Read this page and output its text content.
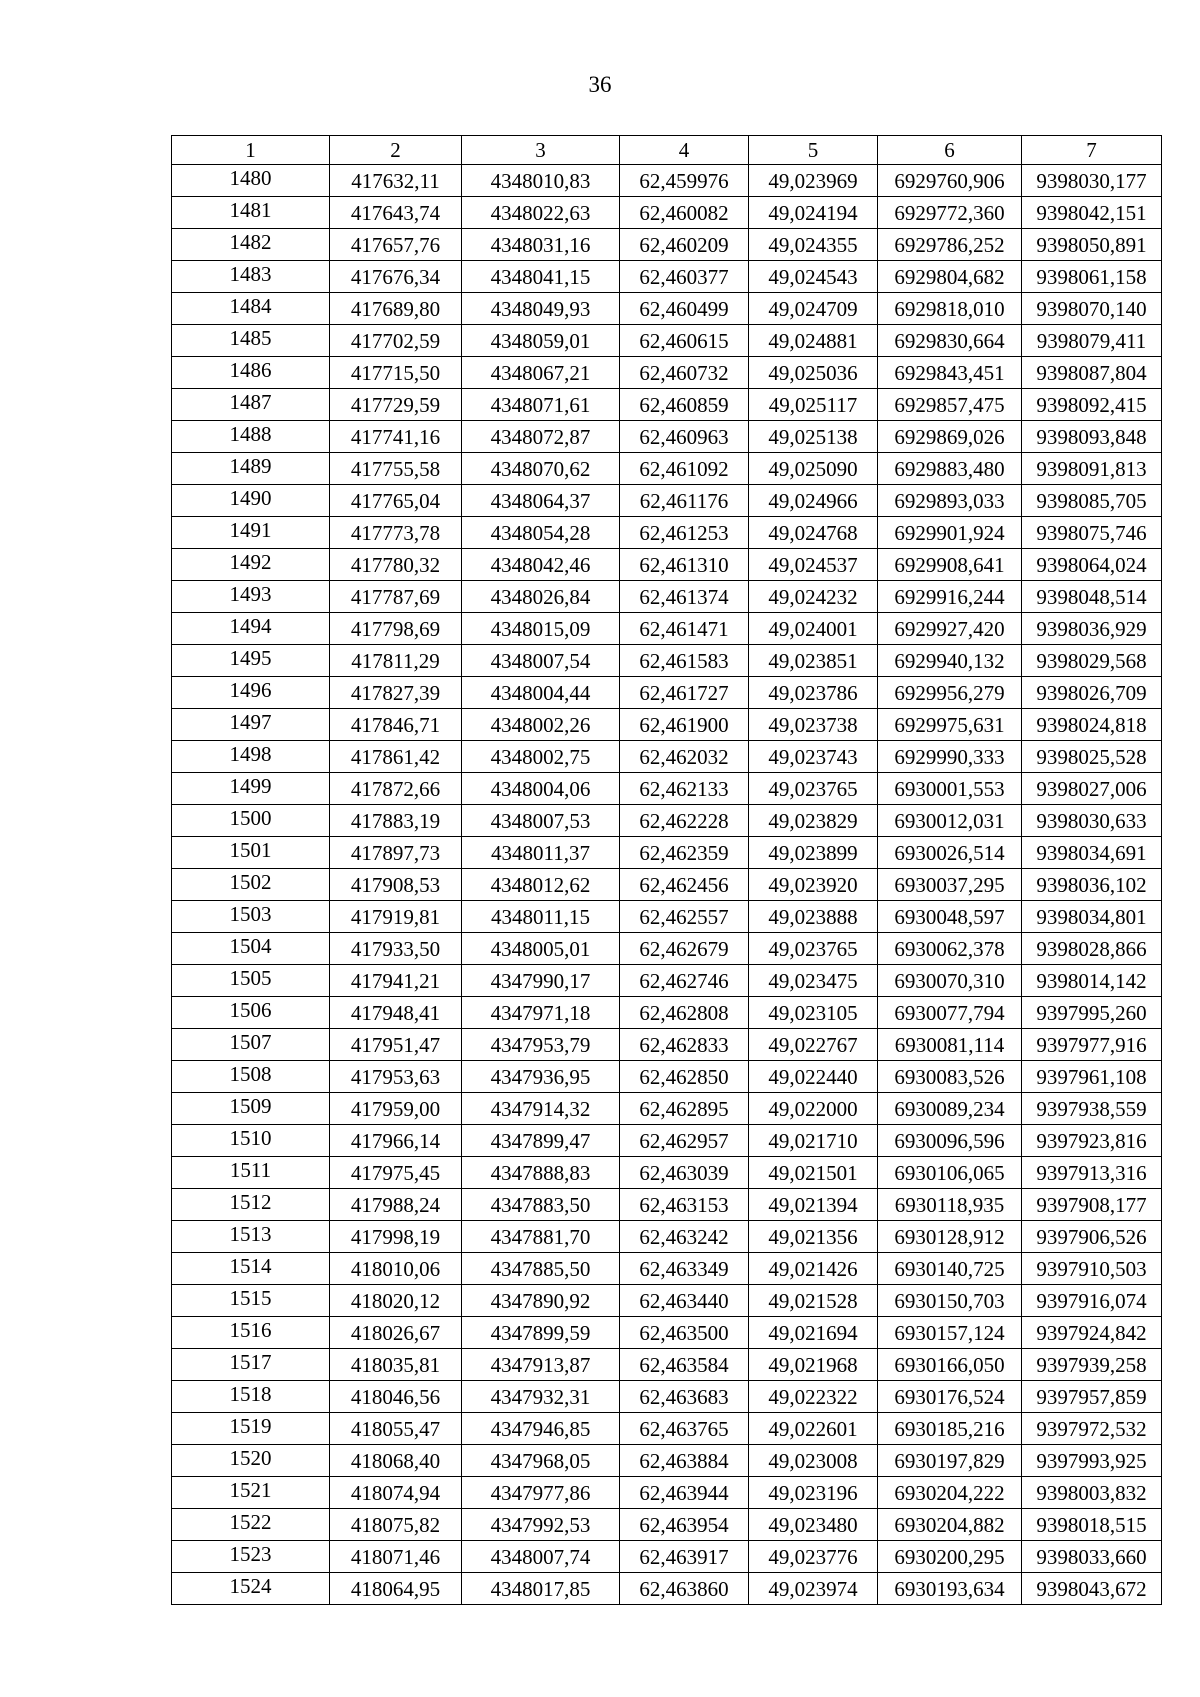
36
1	2	3	4	5	6	7
1480	417632,11	4348010,83	62,459976	49,023969	6929760,906	9398030,177
1481	417643,74	4348022,63	62,460082	49,024194	6929772,360	9398042,151
1482	417657,76	4348031,16	62,460209	49,024355	6929786,252	9398050,891
1483	417676,34	4348041,15	62,460377	49,024543	6929804,682	9398061,158
1484	417689,80	4348049,93	62,460499	49,024709	6929818,010	9398070,140
1485	417702,59	4348059,01	62,460615	49,024881	6929830,664	9398079,411
1486	417715,50	4348067,21	62,460732	49,025036	6929843,451	9398087,804
1487	417729,59	4348071,61	62,460859	49,025117	6929857,475	9398092,415
1488	417741,16	4348072,87	62,460963	49,025138	6929869,026	9398093,848
1489	417755,58	4348070,62	62,461092	49,025090	6929883,480	9398091,813
1490	417765,04	4348064,37	62,461176	49,024966	6929893,033	9398085,705
1491	417773,78	4348054,28	62,461253	49,024768	6929901,924	9398075,746
1492	417780,32	4348042,46	62,461310	49,024537	6929908,641	9398064,024
1493	417787,69	4348026,84	62,461374	49,024232	6929916,244	9398048,514
1494	417798,69	4348015,09	62,461471	49,024001	6929927,420	9398036,929
1495	417811,29	4348007,54	62,461583	49,023851	6929940,132	9398029,568
1496	417827,39	4348004,44	62,461727	49,023786	6929956,279	9398026,709
1497	417846,71	4348002,26	62,461900	49,023738	6929975,631	9398024,818
1498	417861,42	4348002,75	62,462032	49,023743	6929990,333	9398025,528
1499	417872,66	4348004,06	62,462133	49,023765	6930001,553	9398027,006
1500	417883,19	4348007,53	62,462228	49,023829	6930012,031	9398030,633
1501	417897,73	4348011,37	62,462359	49,023899	6930026,514	9398034,691
1502	417908,53	4348012,62	62,462456	49,023920	6930037,295	9398036,102
1503	417919,81	4348011,15	62,462557	49,023888	6930048,597	9398034,801
1504	417933,50	4348005,01	62,462679	49,023765	6930062,378	9398028,866
1505	417941,21	4347990,17	62,462746	49,023475	6930070,310	9398014,142
1506	417948,41	4347971,18	62,462808	49,023105	6930077,794	9397995,260
1507	417951,47	4347953,79	62,462833	49,022767	6930081,114	9397977,916
1508	417953,63	4347936,95	62,462850	49,022440	6930083,526	9397961,108
1509	417959,00	4347914,32	62,462895	49,022000	6930089,234	9397938,559
1510	417966,14	4347899,47	62,462957	49,021710	6930096,596	9397923,816
1511	417975,45	4347888,83	62,463039	49,021501	6930106,065	9397913,316
1512	417988,24	4347883,50	62,463153	49,021394	6930118,935	9397908,177
1513	417998,19	4347881,70	62,463242	49,021356	6930128,912	9397906,526
1514	418010,06	4347885,50	62,463349	49,021426	6930140,725	9397910,503
1515	418020,12	4347890,92	62,463440	49,021528	6930150,703	9397916,074
1516	418026,67	4347899,59	62,463500	49,021694	6930157,124	9397924,842
1517	418035,81	4347913,87	62,463584	49,021968	6930166,050	9397939,258
1518	418046,56	4347932,31	62,463683	49,022322	6930176,524	9397957,859
1519	418055,47	4347946,85	62,463765	49,022601	6930185,216	9397972,532
1520	418068,40	4347968,05	62,463884	49,023008	6930197,829	9397993,925
1521	418074,94	4347977,86	62,463944	49,023196	6930204,222	9398003,832
1522	418075,82	4347992,53	62,463954	49,023480	6930204,882	9398018,515
1523	418071,46	4348007,74	62,463917	49,023776	6930200,295	9398033,660
1524	418064,95	4348017,85	62,463860	49,023974	6930193,634	9398043,672
